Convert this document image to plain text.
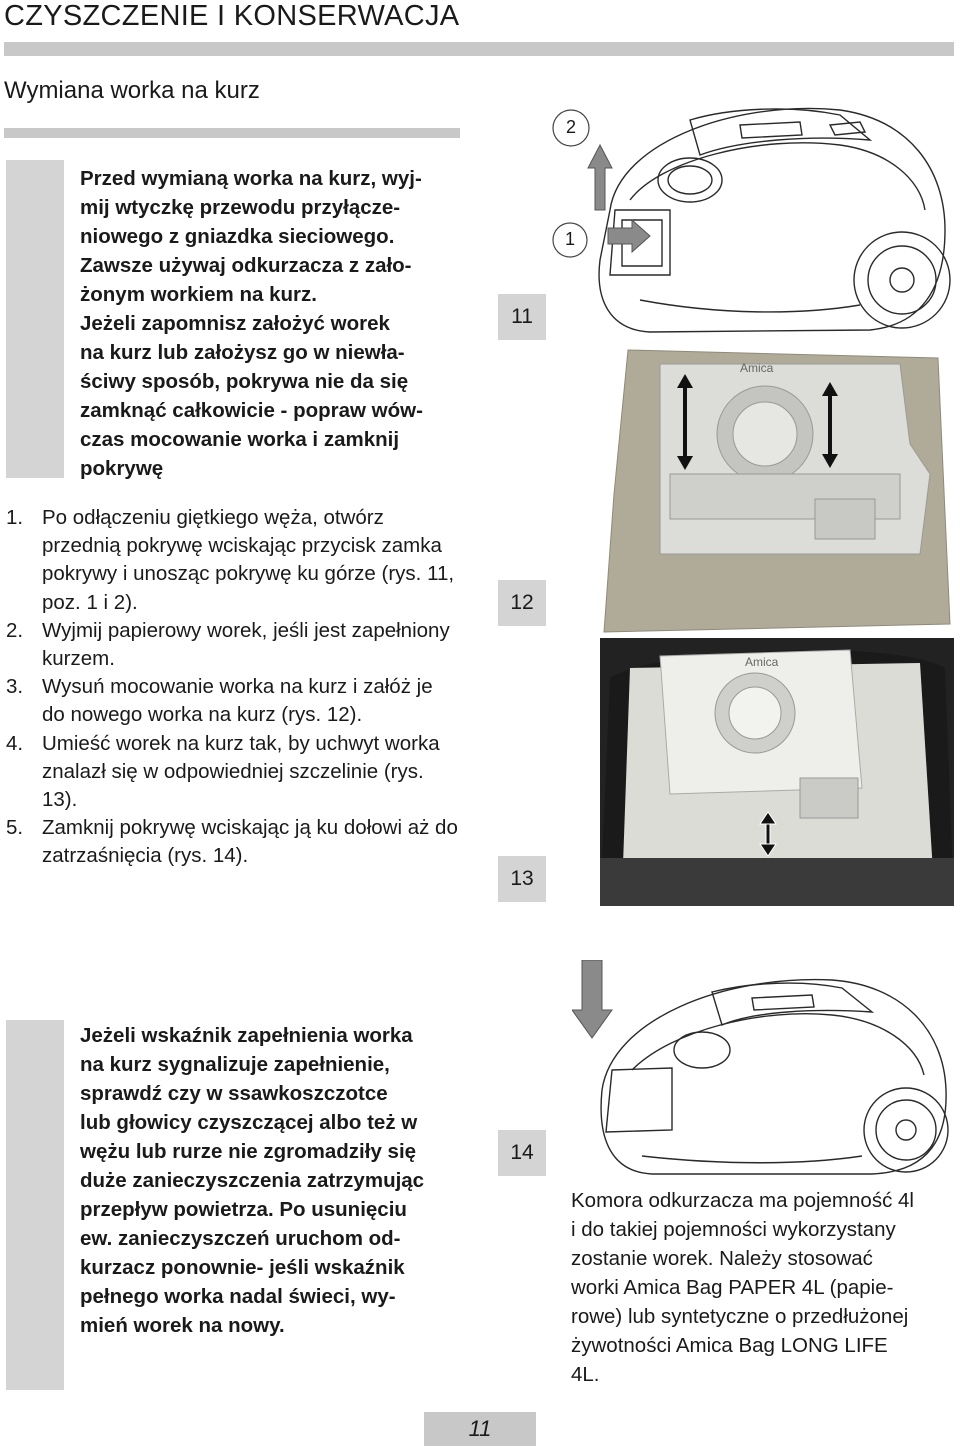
CZYSZCZENIE I KONSERWACJA
Wymiana worka na kurz
Przed wymianą worka na kurz, wyj-
mij wtyczkę przewodu przyłącze-
niowego z gniazdka sieciowego.
Zawsze używaj odkurzacza z zało-
żonym workiem na kurz.
Jeżeli zapomnisz założyć worek
na kurz lub założysz go w niewła-
ściwy sposób, pokrywa nie da się
zamknąć całkowicie - popraw wów-
czas mocowanie worka i zamknij
pokrywę
1. Po odłączeniu giętkiego węża, otwórz przednią pokrywę wciskając przycisk zamka pokrywy i unosząc pokrywę ku górze (rys. 11, poz. 1 i 2).
2. Wyjmij papierowy worek, jeśli jest zapełniony kurzem.
3. Wysuń mocowanie worka na kurz i załóż je do nowego worka na kurz (rys. 12).
4. Umieść worek na kurz tak, by uchwyt worka znalazł się w odpowiedniej szczelinie (rys. 13).
5. Zamknij pokrywę wciskając ją ku dołowi aż do zatrzaśnięcia (rys. 14).
11
2
1
Amica
12
Amica
13
Jeżeli wskaźnik zapełnienia worka
na kurz sygnalizuje zapełnienie,
sprawdź czy w ssawkoszczotce
lub głowicy czyszczącej albo też w
wężu lub rurze nie zgromadziły się
duże zanieczyszczenia zatrzymując
przepływ powietrza. Po usunięciu
ew. zanieczyszczeń uruchom od-
kurzacz ponownie- jeśli wskaźnik
pełnego worka nadal świeci, wy-
mień worek na nowy.
14
Komora odkurzacza ma pojemność 4l
i do takiej pojemności wykorzystany
zostanie worek. Należy stosować
worki Amica Bag PAPER 4L (papie-
rowe) lub syntetyczne o przedłużonej
żywotności Amica Bag LONG LIFE
4L.
11
